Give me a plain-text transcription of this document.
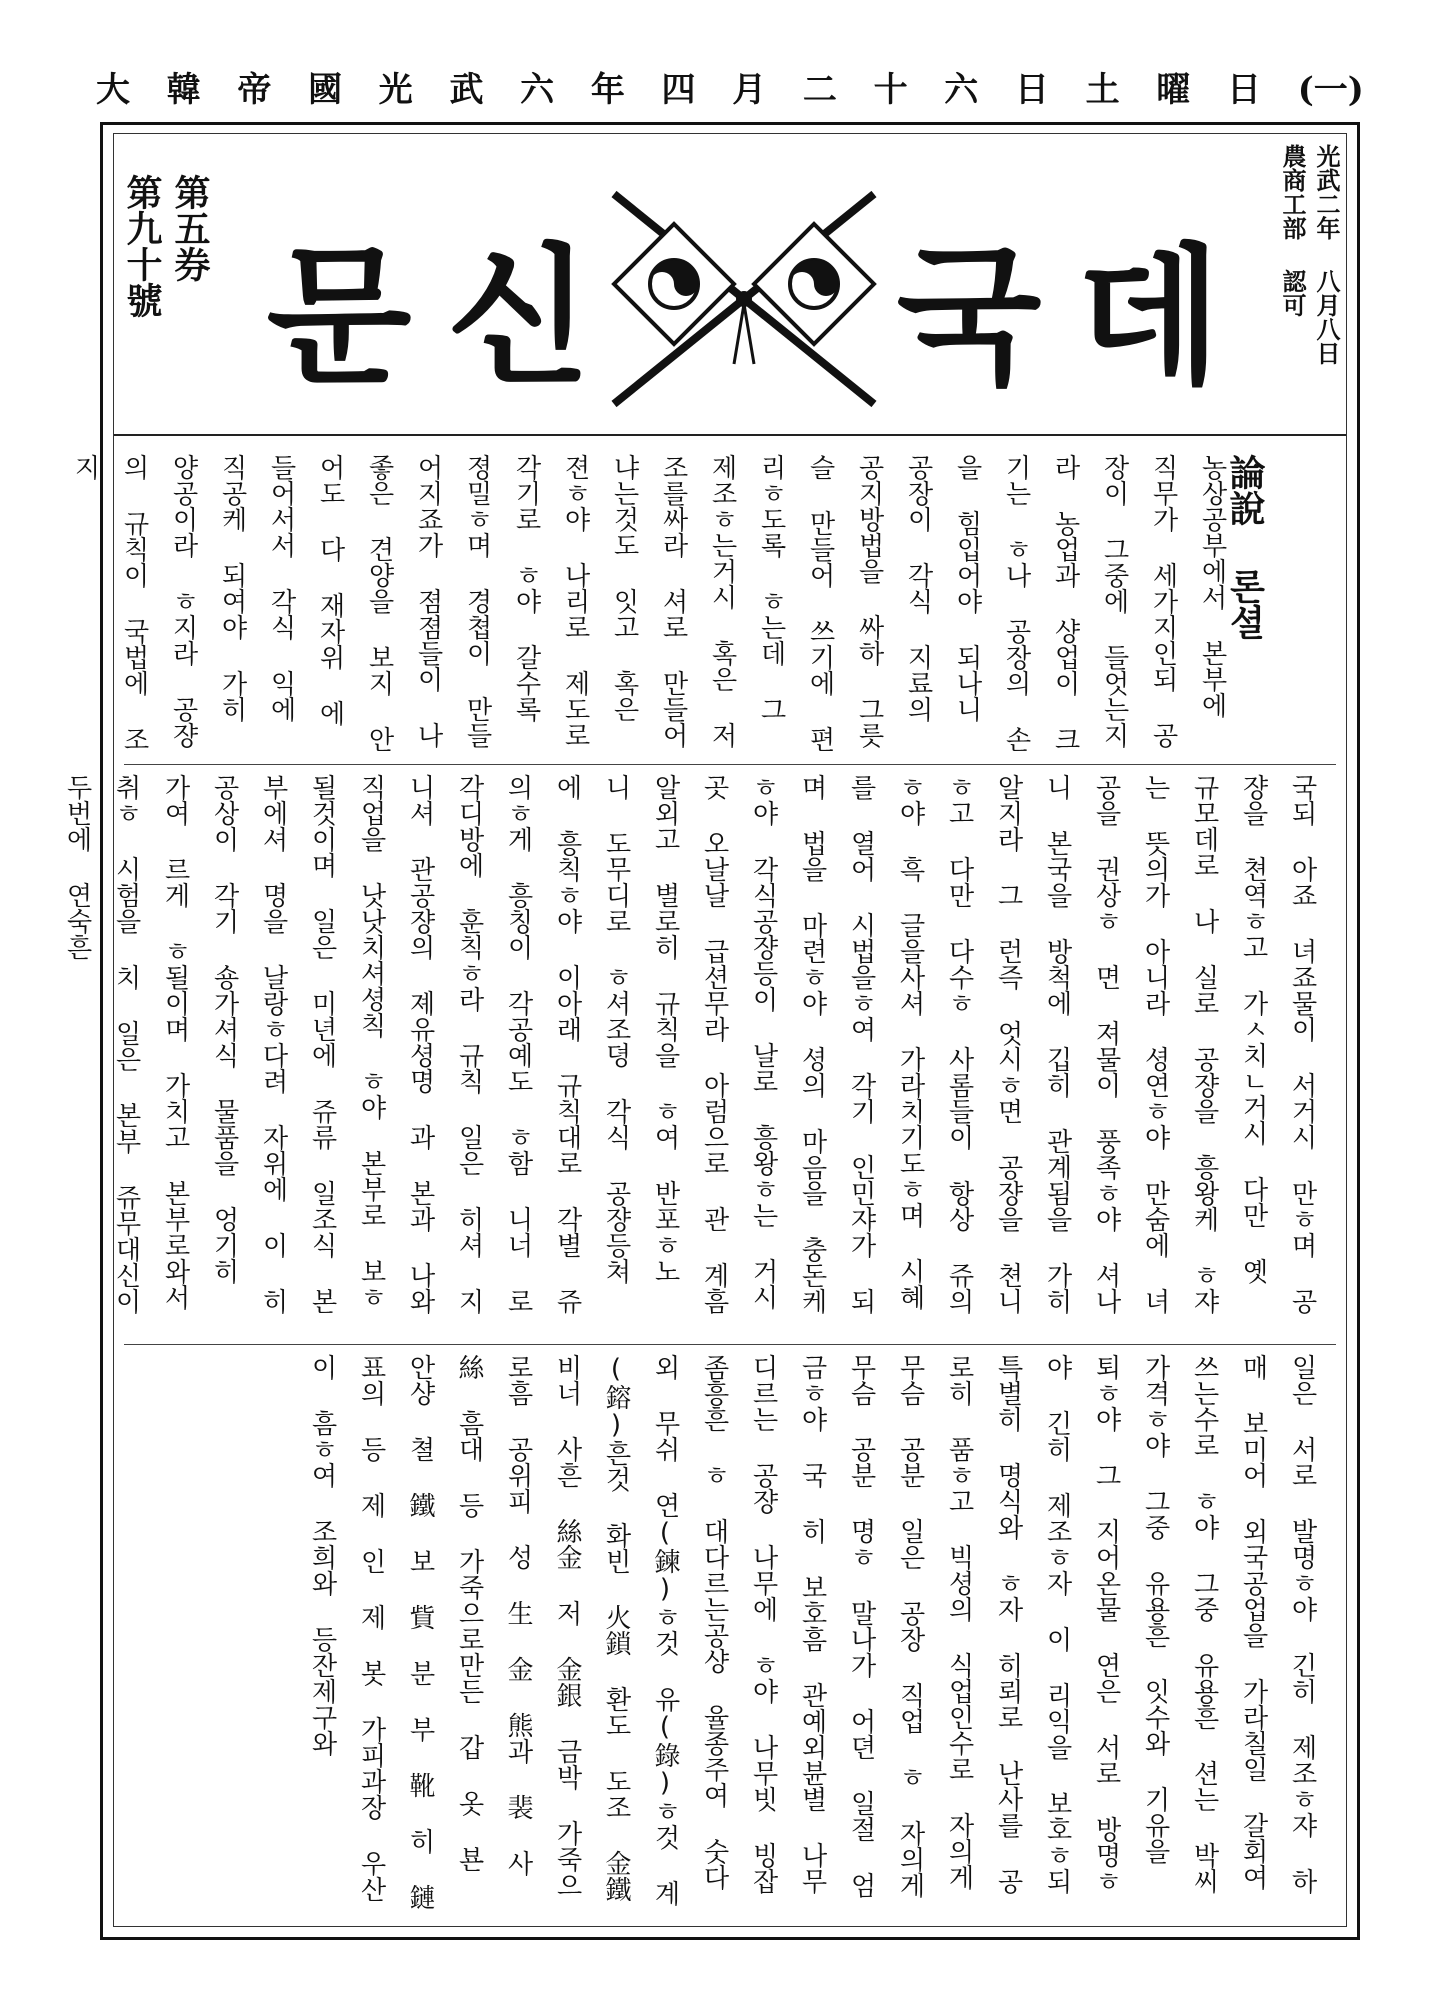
大 韓 帝 國 光 武 六 年 四 月 二 十 六 日 土 曜 日 (一)
第九十號 第五券
문 신 국 데	光武二年 八月八日
農商工部 認可
論說 론셜
농상공부에서 본부에 직무가 세가지인되 공장이 그중에 들엇는지라 농업과 샹업이 크기는 ㅎ나 공장의 손을 힘입어야 되나니 공장이 각식 지료의 공지방법을 싸하 그릇슬 만들어 쓰기에 편리ㅎ도록 ㅎ는데 그 제조ㅎ는거시 혹은 저조를싸라 셔로 만들어 냐는것도 잇고 혹은 젼ㅎ야 나리로 제도로 각기로 ㅎ야 갈수록 졍밀ㅎ며 경쳡이 만들어지죠가 졈졈들이 나 좋은 견양을 보지 안어도 다 재자위 에 들어서서 각식 익에 직공케 되여야 가히 양공이라 ㅎ지라 공쟝의 규칙이 국법에 조지
국되 아죠 녀죠물이 서거시 만ㅎ며 공쟝을 쳔역ㅎ고 가ㅅ치ㄴ거시 다만 옛 규모데로 나 실로 공쟝을 흥왕케 ㅎ쟈는 뜻의가 아니라 셩연ㅎ야 만숨에 녀공을 권상ㅎ 면 져물이 풍족ㅎ야 셔나니 본국을 방척에 깁히 관계됨을 가히 알지라 그 런즉 엇시ㅎ면 공쟝을 쳔니ㅎ고 다만 다수ㅎ 사롬들이 항상 쥬의ㅎ야 흑 글을사셔 가라치기도ㅎ며 시혜를 열어 시법을ㅎ여 각기 인민쟈가 되며 법을 마련ㅎ야 셩의 마음을 충돈케 ㅎ야 각식공쟝등이 날로 흥왕ㅎ는 거시 곳 오날날 급션무라 아럼으로 관 계흠 알외고 별로히 규칙을 ㅎ여 반포ㅎ노 니 도무디로 ㅎ셔조뎡 각식 공쟝등쳐 에 흥칙ㅎ야 이아래 규칙대로 각별 쥬의ㅎ게 흥칭이 각공예도 ㅎ함 니너 로 각디방에 훈칙ㅎ라 규칙 일은 히셔 지니셔 관공쟝의 졔유셩명 과 본과 나와 직업을 낫낫치셔셩칙 ㅎ야 본부로 보ㅎ될것이며 일은 미년에 쥬류 일조식 본부에셔 명을 날랑ㅎ다려 자위에 이 히공상이 각기 숑가셔식 물품을 엉기히 가여 르게 ㅎ될이며 가치고 본부로와서 취ㅎ 시험을 치 일은 본부 쥬무대신이 두번에 연숙흔
일은 서로 발명ㅎ야 긴히 제조ㅎ쟈 하매 보미어 외국공업을 가라칠일 갈회여 쓰는수로 ㅎ야 그중 유용흔 션는 박씨 가격ㅎ야 그중 유용흔 잇수와 기유을 퇴ㅎ야 그 지어온물 연은 서로 방명ㅎ야 긴히 제조ㅎ자 이 리익을 보호ㅎ되 특별히 명식와 ㅎ자 히뢰로 난사를 공로히 품ㅎ고 빅셩의 식업인수로 자의게 무슴 공분 일은 공장 직업 ㅎ 자의게 무슴 공분 명ㅎ 말나가 어뎐 일절 엄금ㅎ야 국 히 보호흠 관예외뷴별 나무디르는 공쟝 나무에 ㅎ야 나무빗 빙잡 좀흥흔 ㅎ 대다르는공샹 율종주여 숫다외 무쉬 연(鍊)ㅎ것 유(錄)ㅎ것 계(鎔)흔것 화빈 火鎖 환도 도조 金鐵 비너 사흔 絲金 저 金銀 금박 가죽으로흠 공위피 성 生 金 熊과 裴 사 絲 흠대 등 가죽으로만든 갑 옷 뵨 안샹 쳘 鐵 보 貲 분 부 靴 히 鏈 표의 등 제 인 제 봇 가피과장 우산 이 흠ㅎ여 조희와 등잔제구와
